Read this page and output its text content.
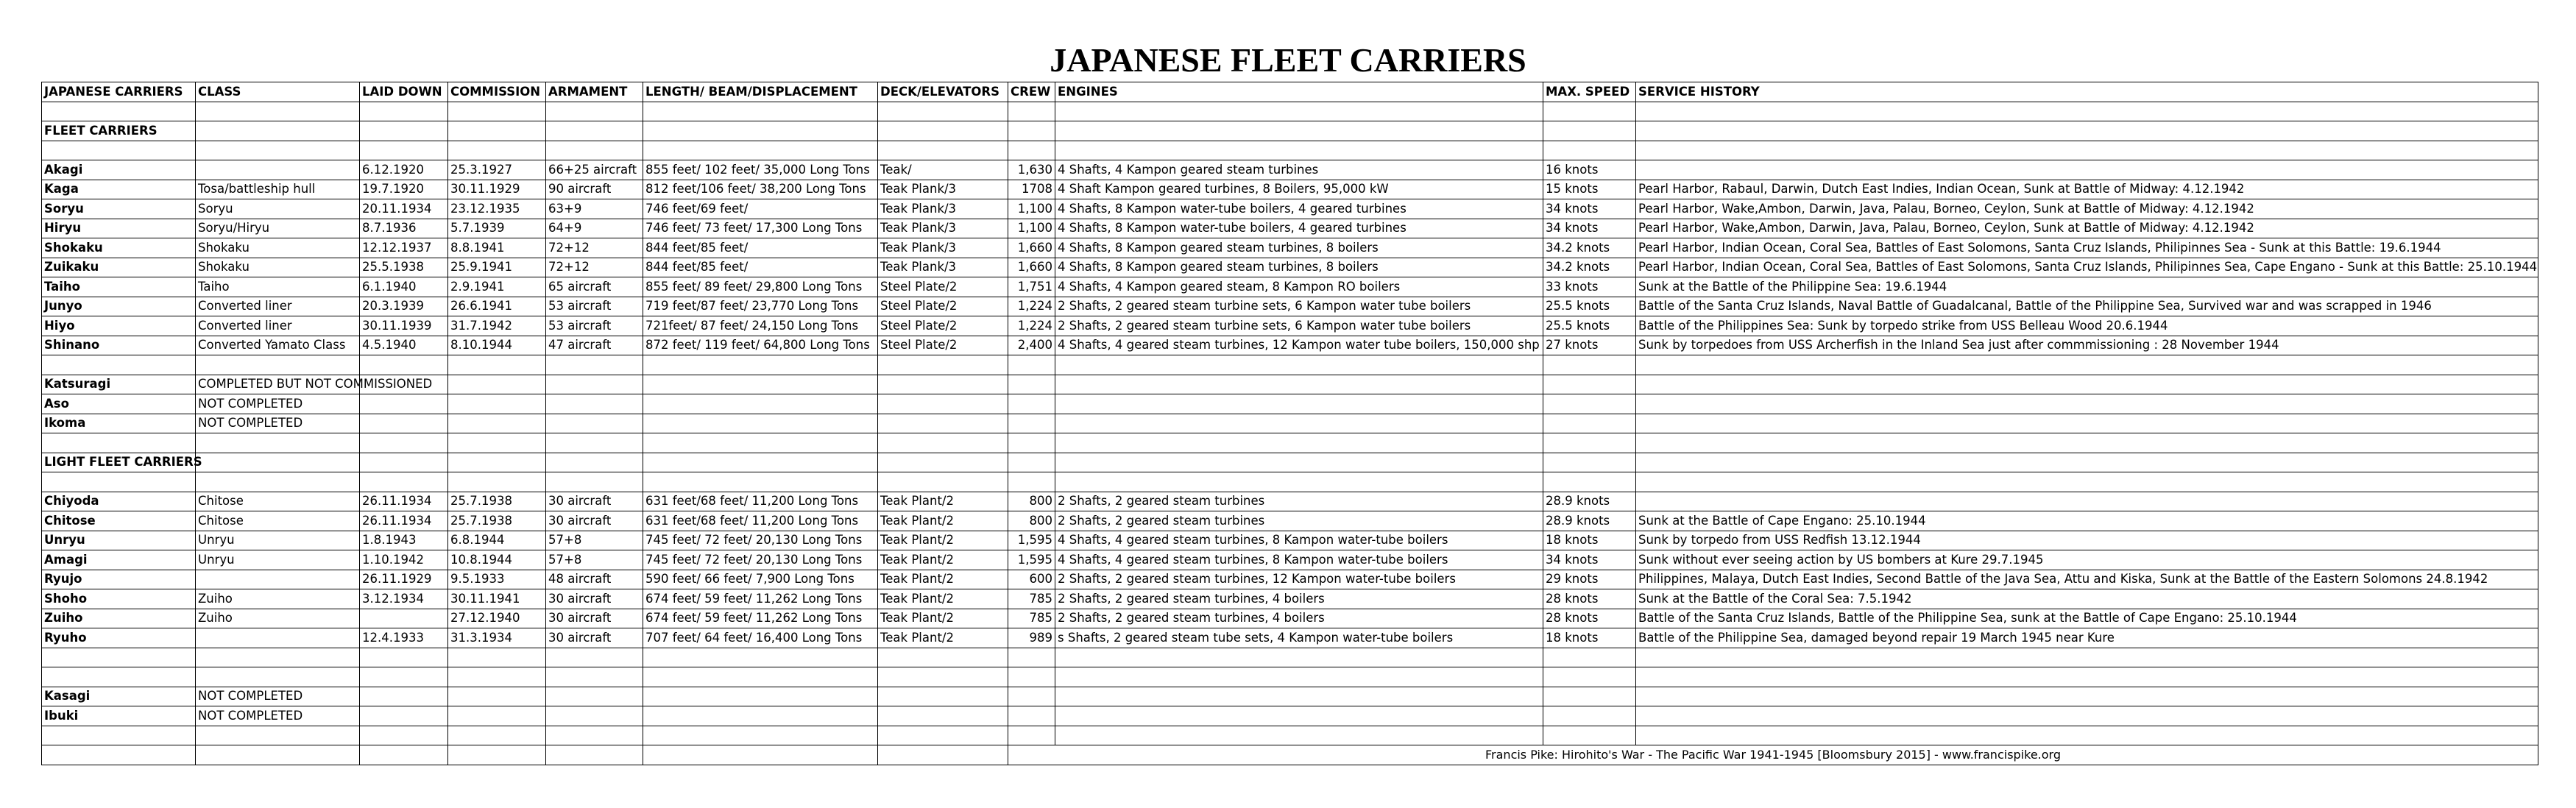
JAPANESE FLEET CARRIERS
JAPANESE CARRIERS	CLASS	LAID DOWN	COMMISSION	ARMAMENT	LENGTH/ BEAM/DISPLACEMENT	DECK/ELEVATORS	CREW	ENGINES	MAX. SPEED	SERVICE HISTORY

FLEET CARRIERS										

Akagi		6.12.1920	25.3.1927	66+25 aircraft	855 feet/ 102 feet/ 35,000 Long Tons	Teak/	1,630	4 Shafts, 4 Kampon geared steam turbines	16 knots	
Kaga	Tosa/battleship hull	19.7.1920	30.11.1929	90 aircraft	812 feet/106 feet/ 38,200 Long Tons	Teak Plank/3	1708	4 Shaft Kampon geared turbines, 8 Boilers, 95,000 kW	15 knots	Pearl Harbor, Rabaul, Darwin, Dutch East Indies, Indian Ocean, Sunk at Battle of Midway: 4.12.1942
Soryu	Soryu	20.11.1934	23.12.1935	63+9	746 feet/69 feet/	Teak Plank/3	1,100	4 Shafts, 8 Kampon water-tube boilers, 4 geared turbines	34 knots	Pearl Harbor, Wake,Ambon, Darwin, Java, Palau, Borneo, Ceylon, Sunk at Battle of Midway: 4.12.1942
Hiryu	Soryu/Hiryu	8.7.1936	5.7.1939	64+9	746 feet/ 73 feet/ 17,300 Long Tons	Teak Plank/3	1,100	4 Shafts, 8 Kampon water-tube boilers, 4 geared turbines	34 knots	Pearl Harbor, Wake,Ambon, Darwin, Java, Palau, Borneo, Ceylon, Sunk at Battle of Midway: 4.12.1942
Shokaku	Shokaku	12.12.1937	8.8.1941	72+12	844 feet/85 feet/	Teak Plank/3	1,660	4 Shafts, 8 Kampon geared steam turbines, 8 boilers	34.2 knots	Pearl Harbor, Indian Ocean, Coral Sea, Battles of East Solomons, Santa Cruz Islands, Philipinnes Sea - Sunk at this Battle: 19.6.1944
Zuikaku	Shokaku	25.5.1938	25.9.1941	72+12	844 feet/85 feet/	Teak Plank/3	1,660	4 Shafts, 8 Kampon geared steam turbines, 8 boilers	34.2 knots	Pearl Harbor, Indian Ocean, Coral Sea, Battles of East Solomons, Santa Cruz Islands, Philipinnes Sea, Cape Engano - Sunk at this Battle: 25.10.1944
Taiho	Taiho	6.1.1940	2.9.1941	65 aircraft	855 feet/ 89 feet/ 29,800 Long Tons	Steel Plate/2	1,751	4 Shafts, 4 Kampon geared steam, 8 Kampon RO boilers	33 knots	Sunk at the Battle of the Philippine Sea: 19.6.1944
Junyo	Converted liner	20.3.1939	26.6.1941	53 aircraft	719 feet/87 feet/ 23,770 Long Tons	Steel Plate/2	1,224	2 Shafts, 2 geared steam turbine sets, 6 Kampon water tube boilers	25.5 knots	Battle of the Santa Cruz Islands, Naval Battle of Guadalcanal, Battle of the Philippine Sea, Survived war and was scrapped in 1946
Hiyo	Converted liner	30.11.1939	31.7.1942	53 aircraft	721feet/ 87 feet/ 24,150 Long Tons	Steel Plate/2	1,224	2 Shafts, 2 geared steam turbine sets, 6 Kampon water tube boilers	25.5 knots	Battle of the Philippines Sea: Sunk by torpedo strike from USS Belleau Wood 20.6.1944
Shinano	Converted Yamato Class	4.5.1940	8.10.1944	47 aircraft	872 feet/ 119 feet/ 64,800 Long Tons	Steel Plate/2	2,400	4 Shafts, 4 geared steam turbines, 12 Kampon water tube boilers, 150,000 shp	27 knots	Sunk by torpedoes from USS Archerfish in the Inland Sea just after commmissioning : 28 November 1944

Katsuragi	COMPLETED BUT NOT COMMISSIONED									
Aso	NOT COMPLETED									
Ikoma	NOT COMPLETED									

LIGHT FLEET CARRIERS										

Chiyoda	Chitose	26.11.1934	25.7.1938	30 aircraft	631 feet/68 feet/ 11,200 Long Tons	Teak Plant/2	800	2 Shafts, 2 geared steam turbines	28.9 knots	
Chitose	Chitose	26.11.1934	25.7.1938	30 aircraft	631 feet/68 feet/ 11,200 Long Tons	Teak Plant/2	800	2 Shafts, 2 geared steam turbines	28.9 knots	Sunk at the Battle of Cape Engano: 25.10.1944
Unryu	Unryu	1.8.1943	6.8.1944	57+8	745 feet/ 72 feet/ 20,130 Long Tons	Teak Plant/2	1,595	4 Shafts, 4 geared steam turbines, 8 Kampon water-tube boilers	18 knots	Sunk by torpedo from USS Redfish 13.12.1944
Amagi	Unryu	1.10.1942	10.8.1944	57+8	745 feet/ 72 feet/ 20,130 Long Tons	Teak Plant/2	1,595	4 Shafts, 4 geared steam turbines, 8 Kampon water-tube boilers	34 knots	Sunk without ever seeing action by US bombers at Kure 29.7.1945
Ryujo		26.11.1929	9.5.1933	48 aircraft	590 feet/ 66 feet/ 7,900 Long Tons	Teak Plant/2	600	2 Shafts, 2 geared steam turbines, 12 Kampon water-tube boilers	29 knots	Philippines, Malaya, Dutch East Indies, Second Battle of the Java Sea, Attu and Kiska, Sunk at the Battle of the Eastern Solomons 24.8.1942
Shoho	Zuiho	3.12.1934	30.11.1941	30 aircraft	674 feet/ 59 feet/ 11,262 Long Tons	Teak Plant/2	785	2 Shafts, 2 geared steam turbines, 4 boilers	28 knots	Sunk at the Battle of the Coral Sea: 7.5.1942
Zuiho	Zuiho		27.12.1940	30 aircraft	674 feet/ 59 feet/ 11,262 Long Tons	Teak Plant/2	785	2 Shafts, 2 geared steam turbines, 4 boilers	28 knots	Battle of the Santa Cruz Islands, Battle of the Philippine Sea, sunk at the Battle of Cape Engano: 25.10.1944
Ryuho		12.4.1933	31.3.1934	30 aircraft	707 feet/ 64 feet/ 16,400 Long Tons	Teak Plant/2	989	s Shafts, 2 geared steam tube sets, 4 Kampon water-tube boilers	18 knots	Battle of the Philippine Sea, damaged beyond repair 19 March 1945 near Kure

Kasagi	NOT COMPLETED									
Ibuki	NOT COMPLETED									

							Francis Pike: Hirohito's War - The Pacific War 1941-1945 [Bloomsbury 2015] - www.francispike.org			
